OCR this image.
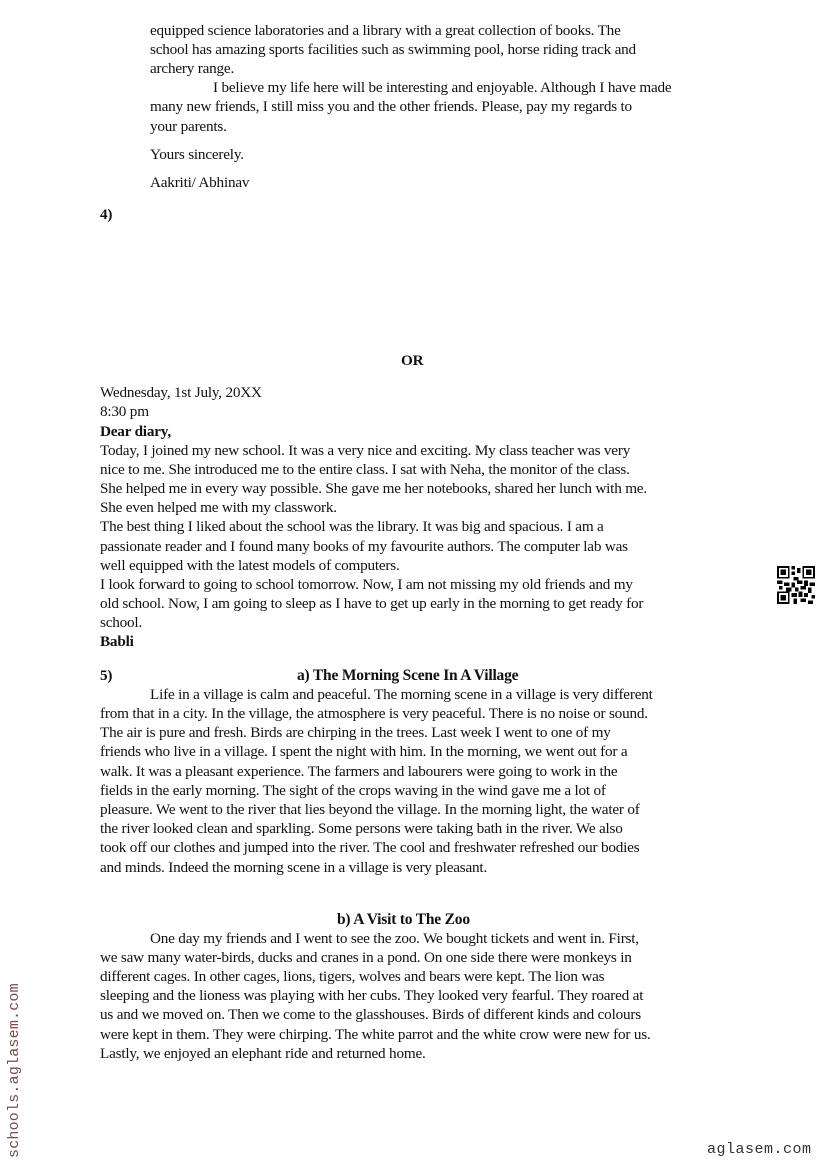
equipped science laboratories and a library with a great collection of books. The
school has amazing sports facilities such as swimming pool, horse riding track and
archery range.
I believe my life here will be interesting and enjoyable. Although I have made
many new friends, I still miss you and the other friends. Please, pay my regards to
your parents.
Yours sincerely.
Aakriti/ Abhinav
4)
OR
Wednesday, 1st July, 20XX
8:30 pm
Dear diary,
Today, I joined my new school. It was a very nice and exciting. My class teacher was very
nice to me. She introduced me to the entire class. I sat with Neha, the monitor of the class.
She helped me in every way possible. She gave me her notebooks, shared her lunch with me.
She even helped me with my classwork.
The best thing I liked about the school was the library. It was big and spacious. I am a
passionate reader and I found many books of my favourite authors. The computer lab was
well equipped with the latest models of computers.
I look forward to going to school tomorrow. Now, I am not missing my old friends and my
old school. Now, I am going to sleep as I have to get up early in the morning to get ready for
school.
Babli
5)	a) The Morning Scene In A Village
Life in a village is calm and peaceful. The morning scene in a village is very different
from that in a city. In the village, the atmosphere is very peaceful. There is no noise or sound.
The air is pure and fresh. Birds are chirping in the trees. Last week I went to one of my
friends who live in a village. I spent the night with him. In the morning, we went out for a
walk. It was a pleasant experience. The farmers and labourers were going to work in the
fields in the early morning. The sight of the crops waving in the wind gave me a lot of
pleasure. We went to the river that lies beyond the village. In the morning light, the water of
the river looked clean and sparkling. Some persons were taking bath in the river. We also
took off our clothes and jumped into the river. The cool and freshwater refreshed our bodies
and minds. Indeed the morning scene in a village is very pleasant.
b) A Visit to The Zoo
One day my friends and I went to see the zoo. We bought tickets and went in. First,
we saw many water-birds, ducks and cranes in a pond. On one side there were monkeys in
different cages. In other cages, lions, tigers, wolves and bears were kept. The lion was
sleeping and the lioness was playing with her cubs. They looked very fearful. They roared at
us and we moved on. Then we come to the glasshouses. Birds of different kinds and colours
were kept in them. They were chirping. The white parrot and the white crow were new for us.
Lastly, we enjoyed an elephant ride and returned home.
schools.aglasem.com	aglasem.com
